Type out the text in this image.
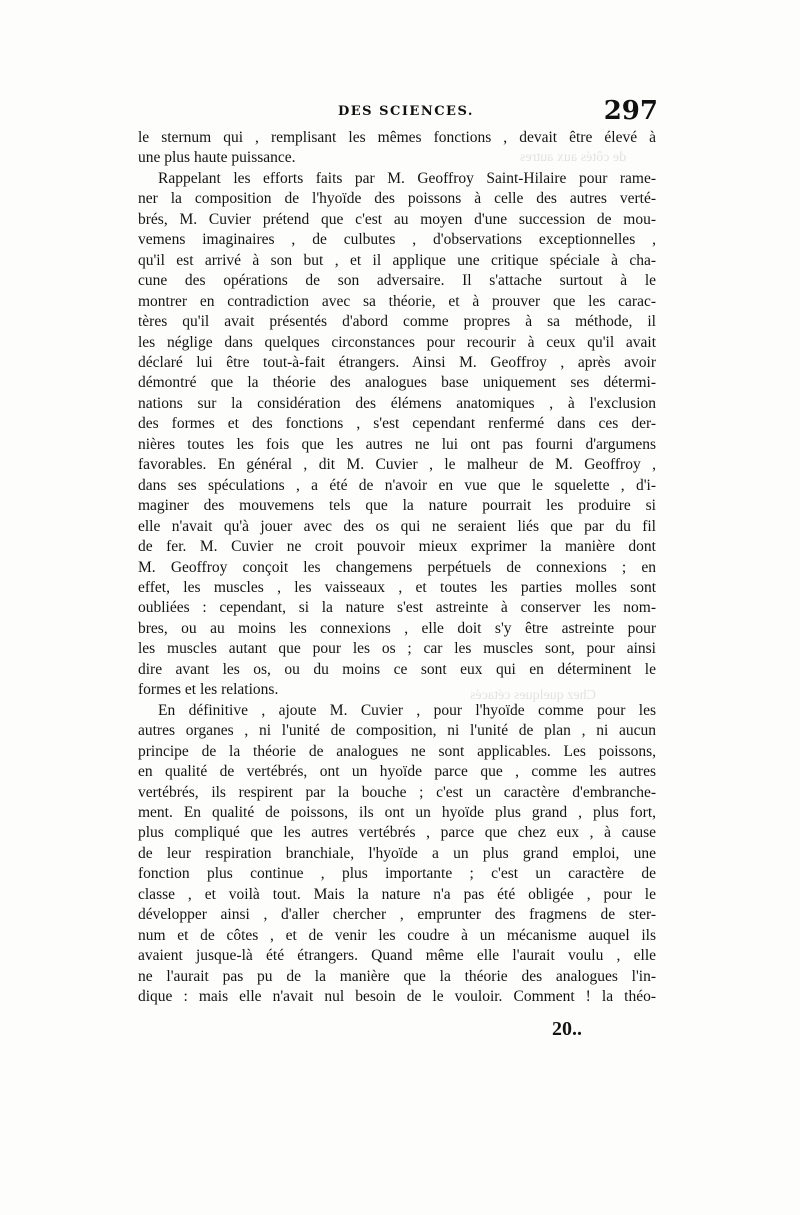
DES SCIENCES.	297
de côtés aux autres
Chez quelques cétacés
le sternum qui , remplisant les mêmes fonctions , devait être élevé à
une plus haute puissance.
Rappelant les efforts faits par M. Geoffroy Saint-Hilaire pour rame-
ner la composition de l'hyoïde des poissons à celle des autres verté-
brés, M. Cuvier prétend que c'est au moyen d'une succession de mou-
vemens imaginaires , de culbutes , d'observations exceptionnelles ,
qu'il est arrivé à son but , et il applique une critique spéciale à cha-
cune des opérations de son adversaire. Il s'attache surtout à le
montrer en contradiction avec sa théorie, et à prouver que les carac-
tères qu'il avait présentés d'abord comme propres à sa méthode, il
les néglige dans quelques circonstances pour recourir à ceux qu'il avait
déclaré lui être tout-à-fait étrangers. Ainsi M. Geoffroy , après avoir
démontré que la théorie des analogues base uniquement ses détermi-
nations sur la considération des élémens anatomiques , à l'exclusion
des formes et des fonctions , s'est cependant renfermé dans ces der-
nières toutes les fois que les autres ne lui ont pas fourni d'argumens
favorables. En général , dit M. Cuvier , le malheur de M. Geoffroy ,
dans ses spéculations , a été de n'avoir en vue que le squelette , d'i-
maginer des mouvemens tels que la nature pourrait les produire si
elle n'avait qu'à jouer avec des os qui ne seraient liés que par du fil
de fer. M. Cuvier ne croit pouvoir mieux exprimer la manière dont
M. Geoffroy conçoit les changemens perpétuels de connexions ; en
effet, les muscles , les vaisseaux , et toutes les parties molles sont
oubliées : cependant, si la nature s'est astreinte à conserver les nom-
bres, ou au moins les connexions , elle doit s'y être astreinte pour
les muscles autant que pour les os ; car les muscles sont, pour ainsi
dire avant les os, ou du moins ce sont eux qui en déterminent le
formes et les relations.
En définitive , ajoute M. Cuvier , pour l'hyoïde comme pour les
autres organes , ni l'unité de composition, ni l'unité de plan , ni aucun
principe de la théorie de analogues ne sont applicables. Les poissons,
en qualité de vertébrés, ont un hyoïde parce que , comme les autres
vertébrés, ils respirent par la bouche ; c'est un caractère d'embranche-
ment. En qualité de poissons, ils ont un hyoïde plus grand , plus fort,
plus compliqué que les autres vertébrés , parce que chez eux , à cause
de leur respiration branchiale, l'hyoïde a un plus grand emploi, une
fonction plus continue , plus importante ; c'est un caractère de
classe , et voilà tout. Mais la nature n'a pas été obligée , pour le
développer ainsi , d'aller chercher , emprunter des fragmens de ster-
num et de côtes , et de venir les coudre à un mécanisme auquel ils
avaient jusque-là été étrangers. Quand même elle l'aurait voulu , elle
ne l'aurait pas pu de la manière que la théorie des analogues l'in-
dique : mais elle n'avait nul besoin de le vouloir. Comment ! la théo-
20..
